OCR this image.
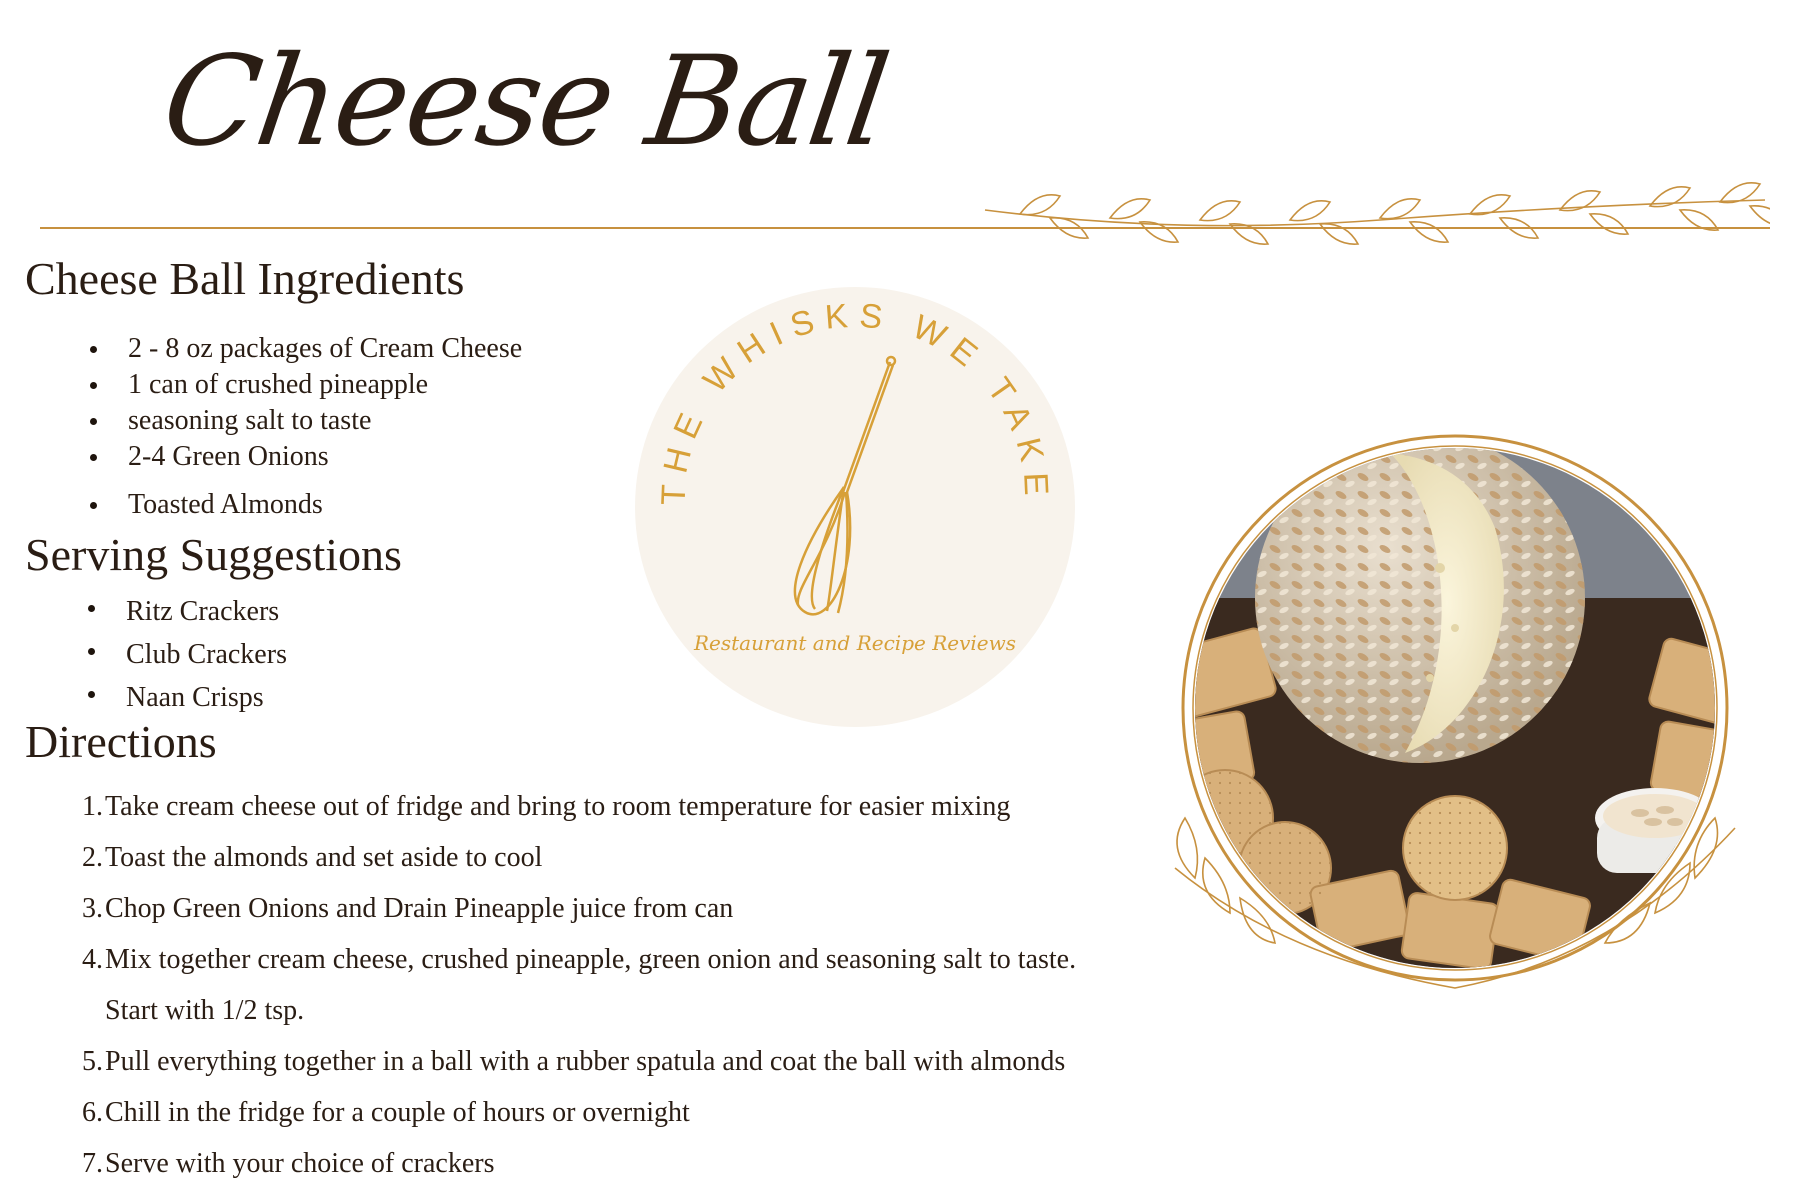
Cheese Ball
Cheese Ball Ingredients
2 - 8 oz packages of Cream Cheese
1 can of crushed pineapple
seasoning salt to taste
2-4 Green Onions
Toasted Almonds
Serving Suggestions
Ritz Crackers
Club Crackers
Naan Crisps
Directions
1. Take cream cheese out of fridge and bring to room temperature for easier mixing
2. Toast the almonds and set aside to cool
3. Chop Green Onions and Drain Pineapple juice from can
4. Mix together cream cheese, crushed pineapple, green onion and seasoning salt to taste.
Start with 1/2 tsp.
5. Pull everything together in a ball with a rubber spatula and coat the ball with almonds
6. Chill in the fridge for a couple of hours or overnight
7. Serve with your choice of crackers
THE WHISKS WE TAKE
Restaurant and Recipe Reviews
